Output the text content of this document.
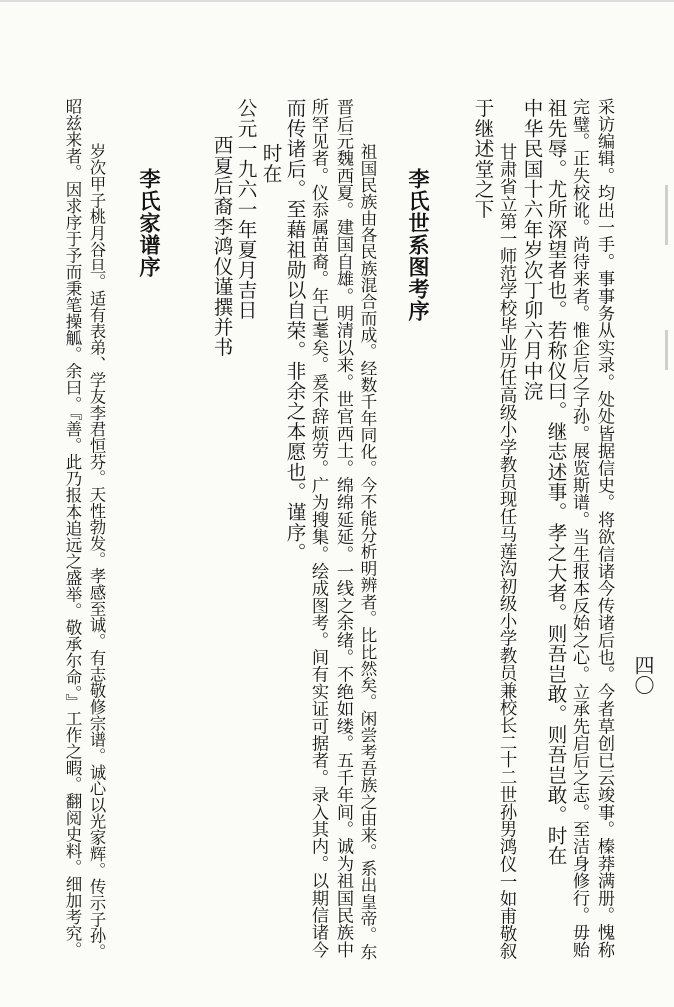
四〇
采访编辑。均出一手。事事务从实录。处处皆据信史。将欲信诸今传诸后也。今者草创已云竣事。榛莽满册。愧称
完璧。正失校讹。尚待来者。惟企后之子孙。展览斯谱。当生报本反始之心。立承先启后之志。至洁身修行。毋贻
祖先辱。尤所深望者也。若称仪曰。继志述事。孝之大者。则吾岂敢。则吾岂敢。时在
中华民国十六年岁次丁卯六月中浣
甘肃省立第一师范学校毕业历任高级小学教员现任马莲沟初级小学教员兼校长二十二世孙男鸿仪一如甫敬叙
于继述堂之下
李氏世系图考序
祖国民族由各民族混合而成。经数千年同化。今不能分析明辨者。比比然矣。闲尝考吾族之由来。系出皇帝。东
晋后元魏西夏。建国自雄。明清以来。世官西土。绵绵延延。一线之余绪。不绝如缕。五千年间。诚为祖国民族中
所罕见者。仪忝属苗裔。年已耄矣。爰不辞烦劳。广为搜集。绘成图考。间有实证可据者。录入其内。以期信诸今
而传诸后。至藉祖勋以自荣。非余之本愿也。谨序。
时在
公元一九六一年夏月吉日
西夏后裔李鸿仪谨撰并书
李氏家谱序
岁次甲子桃月谷旦。适有表弟、学友李君恒芬。天性勃发。孝感至诚。有志敬修宗谱。诚心以光家辉。传示子孙。
昭兹来者。因求序于予而秉笔操觚。余曰。『善。此乃报本追远之盛举。敬承尔命。』工作之暇。翻阅史料。细加考究。
